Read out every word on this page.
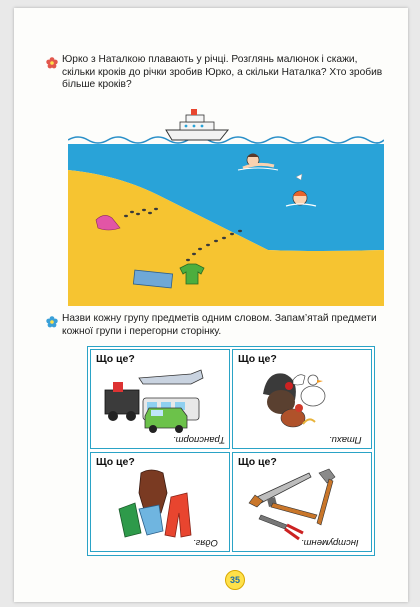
Юрко з Наталкою плавають у річці. Розглянь малюнок і скажи, скільки кроків до річки зробив Юрко, а скільки Наталка? Хто зробив більше кроків?
Назви кожну групу предметів одним словом. Запам’ятай предмети кожної групи і перегорни сторінку.
Що це?
Транспорт.
Що це?
Птахи.
Що це?
Одяг.
Що це?
Інструмент.
35
